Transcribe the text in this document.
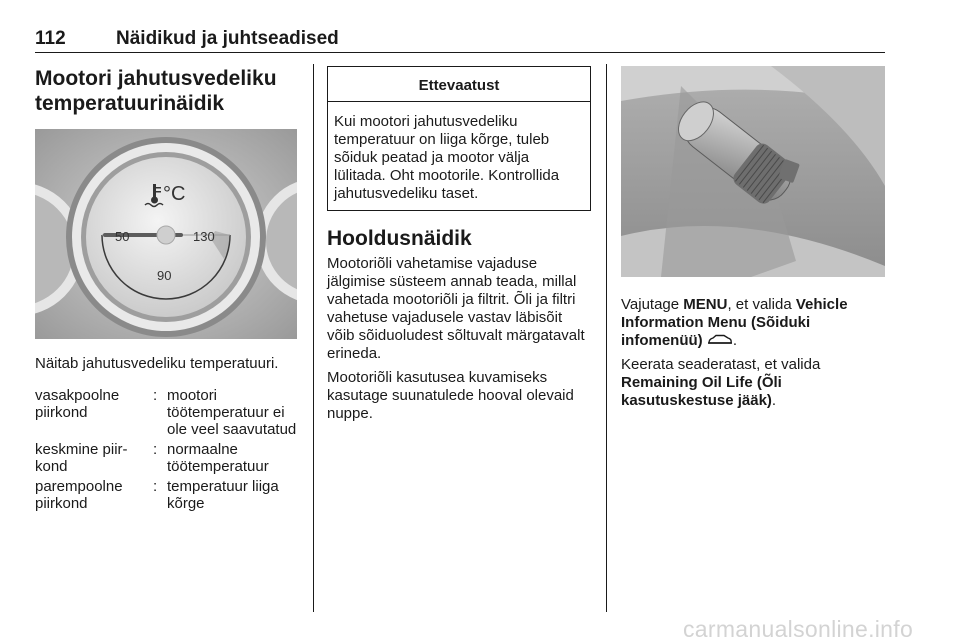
112	Näidikud ja juhtseadised
Mootori jahutusvedeliku
temperatuurinäidik
°C
50	130
90

Näitab jahutusvedeliku temperatuuri.

vasakpoolne piirkond	:	mootori töötemperatuur ei ole veel saavutatud
keskmine piirkond	:	normaalne töötemperatuur
parempoolne piirkond	:	temperatuur liiga kõrge
Ettevaatust
Kui mootori jahutusvedeliku temperatuur on liiga kõrge, tuleb sõiduk peatad ja mootor välja lülitada. Oht mootorile. Kontrollida jahutusvedeliku taset.
Hooldusnäidik

Mootoriõli vahetamise vajaduse jälgimise süsteem annab teada, millal vahetada mootoriõli ja filtrit. Õli ja filtri vahetuse vajadusele vastav läbisõit võib sõiduoludest sõltuvalt märgatavalt erineda.

Mootoriõli kasutusea kuvamiseks kasutage suunatulede hooval olevaid nuppe.

Vajutage MENU, et valida Vehicle Information Menu (Sõiduki infomenüü) .

Keerata seaderatast, et valida Remaining Oil Life (Õli kasutuskestuse jääk).

carmanualsonline.info
